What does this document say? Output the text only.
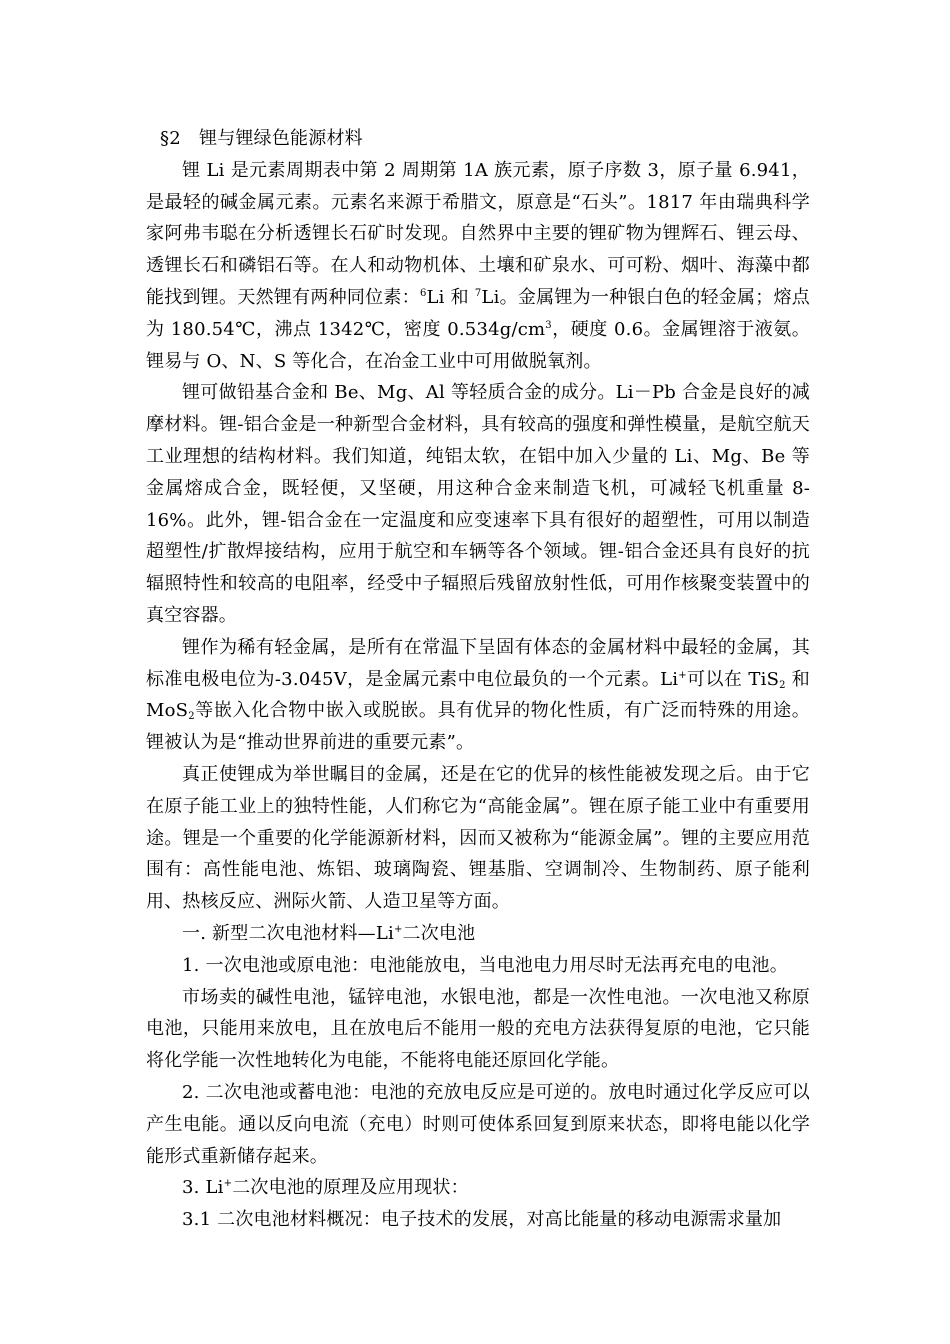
§2　锂与锂绿色能源材料

锂 Li 是元素周期表中第 2 周期第 1A 族元素，原子序数 3，原子量 6.941，是最轻的碱金属元素。元素名来源于希腊文，原意是“石头”。1817 年由瑞典科学家阿弗韦聪在分析透锂长石矿时发现。自然界中主要的锂矿物为锂辉石、锂云母、透锂长石和磷铝石等。在人和动物机体、土壤和矿泉水、可可粉、烟叶、海藻中都能找到锂。天然锂有两种同位素：$^6$Li 和 $^7$Li。金属锂为一种银白色的轻金属；熔点为 180.54℃，沸点 1342℃，密度 $0.534g/cm^3$，硬度 0.6。金属锂溶于液氨。锂易与 O、N、S 等化合，在冶金工业中可用做脱氧剂。

锂可做铅基合金和 Be、Mg、Al 等轻质合金的成分。Li－Pb 合金是良好的减摩材料。锂-铝合金是一种新型合金材料，具有较高的强度和弹性模量，是航空航天工业理想的结构材料。我们知道，纯铝太软，在铝中加入少量的 Li、Mg、Be 等金属熔成合金，既轻便，又坚硬，用这种合金来制造飞机，可减轻飞机重量 8-16%。此外，锂-铝合金在一定温度和应变速率下具有很好的超塑性，可用以制造超塑性/扩散焊接结构，应用于航空和车辆等各个领域。锂-铝合金还具有良好的抗辐照特性和较高的电阻率，经受中子辐照后残留放射性低，可用作核聚变装置中的真空容器。

锂作为稀有轻金属，是所有在常温下呈固有体态的金属材料中最轻的金属，其标准电极电位为-3.045V，是金属元素中电位最负的一个元素。Li+可以在 TiS$_2$ 和 MoS$_2$等嵌入化合物中嵌入或脱嵌。具有优异的物化性质，有广泛而特殊的用途。锂被认为是“推动世界前进的重要元素”。

真正使锂成为举世瞩目的金属，还是在它的优异的核性能被发现之后。由于它在原子能工业上的独特性能，人们称它为“高能金属”。锂在原子能工业中有重要用途。锂是一个重要的化学能源新材料，因而又被称为“能源金属”。锂的主要应用范围有：高性能电池、炼铝、玻璃陶瓷、锂基脂、空调制冷、生物制药、原子能利用、热核反应、洲际火箭、人造卫星等方面。

一. 新型二次电池材料—Li+二次电池

1. 一次电池或原电池：电池能放电，当电池电力用尽时无法再充电的电池。

市场卖的碱性电池，锰锌电池，水银电池，都是一次性电池。一次电池又称原电池，只能用来放电，且在放电后不能用一般的充电方法获得复原的电池，它只能将化学能一次性地转化为电能，不能将电能还原回化学能。

2. 二次电池或蓄电池：电池的充放电反应是可逆的。放电时通过化学反应可以产生电能。通以反向电流（充电）时则可使体系回复到原来状态，即将电能以化学能形式重新储存起来。

3. Li+二次电池的原理及应用现状：

3.1 二次电池材料概况：电子技术的发展，对高比能量的移动电源需求量加
